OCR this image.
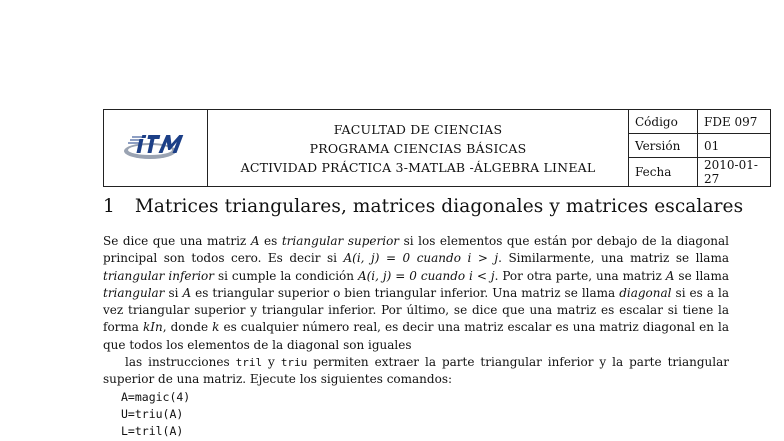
FACULTAD DE CIENCIAS
PROGRAMA CIENCIAS BÁSICAS
ACTIVIDAD PRÁCTICA 3-MATLAB -ÁLGEBRA LINEAL	Código	FDE 097
		Versión	01
		Fecha	2010-01-27
1 Matrices triangulares, matrices diagonales y matrices escalares

Se dice que una matriz A es triangular superior si los elementos que están por debajo de la diagonal principal son todos cero. Es decir si A(i, j) = 0 cuando i > j. Similarmente, una matriz se llama triangular inferior si cumple la condición A(i, j) = 0 cuando i < j. Por otra parte, una matriz A se llama triangular si A es triangular superior o bien triangular inferior. Una matriz se llama diagonal si es a la vez triangular superior y triangular inferior. Por último, se dice que una matriz es escalar si tiene la forma kIn, donde k es cualquier número real, es decir una matriz escalar es una matriz diagonal en la que todos los elementos de la diagonal son iguales

las instrucciones tril y triu permiten extraer la parte triangular inferior y la parte triangular superior de una matriz. Ejecute los siguientes comandos:

A=magic(4)
U=triu(A)
L=tril(A)
